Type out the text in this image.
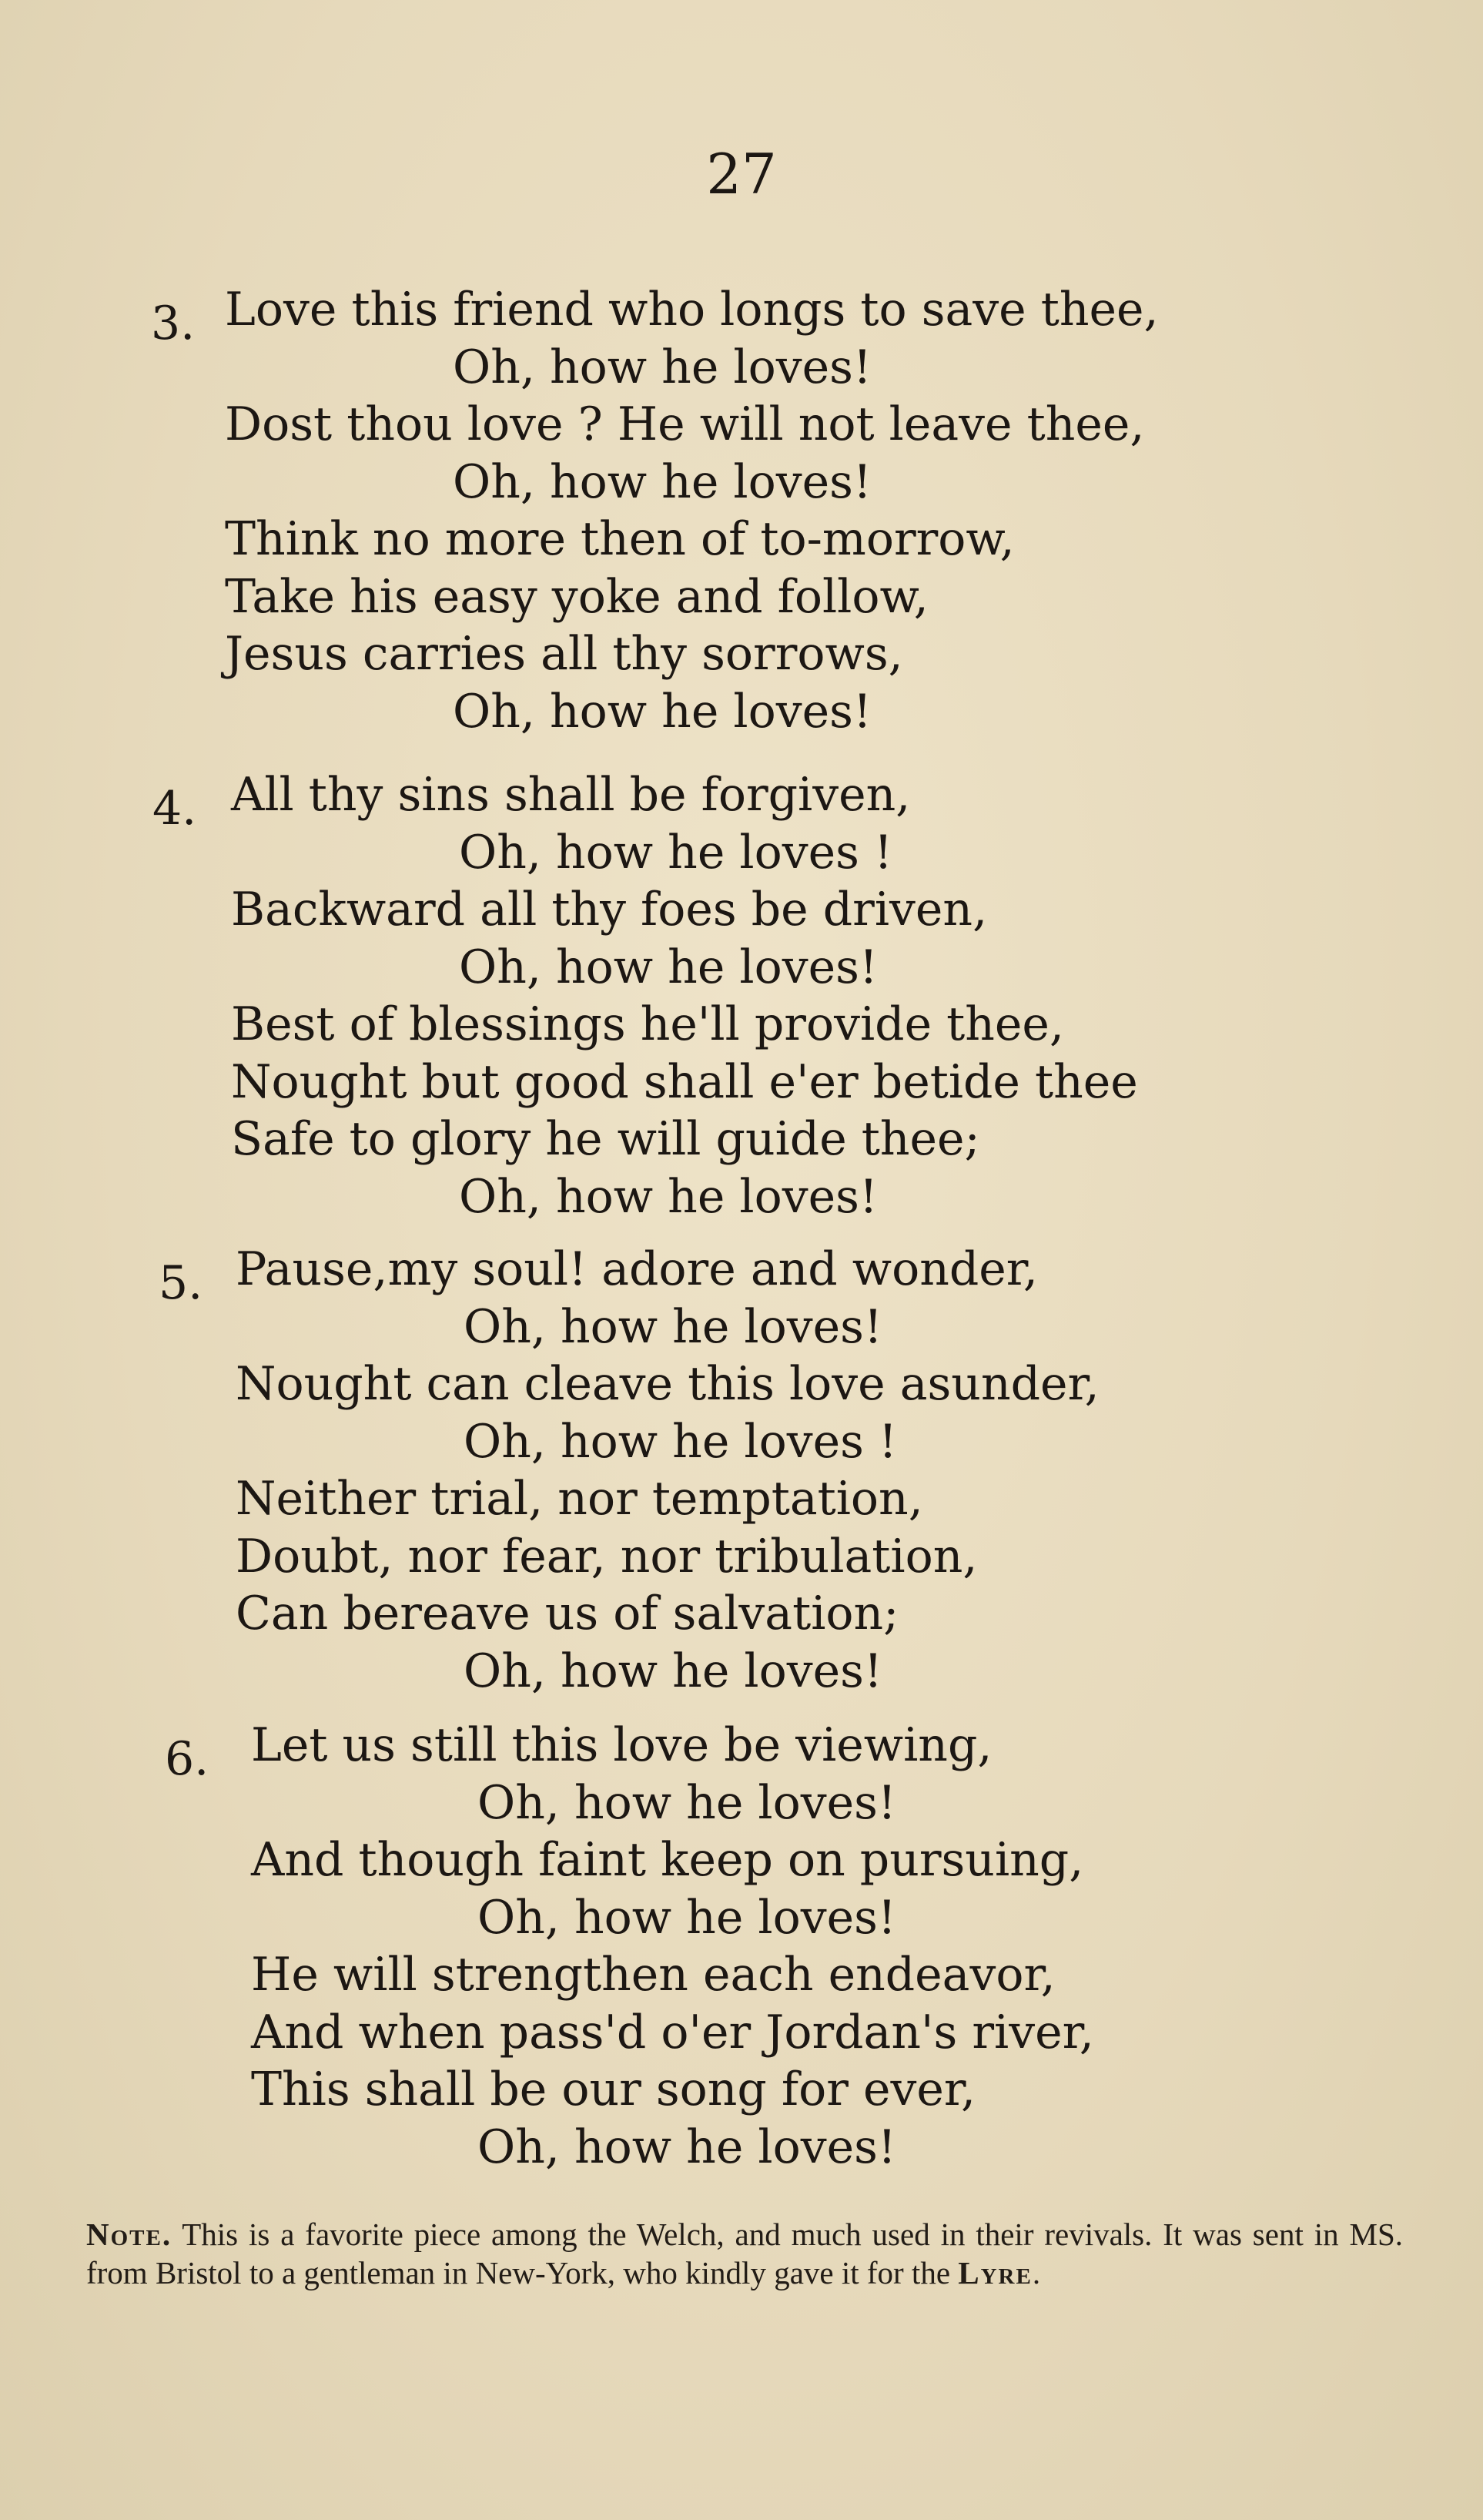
27
3. Love this friend who longs to save thee,
Oh, how he loves!
Dost thou love ? He will not leave thee,
Oh, how he loves!
Think no more then of to-morrow,
Take his easy yoke and follow,
Jesus carries all thy sorrows,
Oh, how he loves!
4. All thy sins shall be forgiven,
Oh, how he loves !
Backward all thy foes be driven,
Oh, how he loves!
Best of blessings he'll provide thee,
Nought but good shall e'er betide thee
Safe to glory he will guide thee;
Oh, how he loves!
5. Pause,my soul! adore and wonder,
Oh, how he loves!
Nought can cleave this love asunder,
Oh, how he loves !
Neither trial, nor temptation,
Doubt, nor fear, nor tribulation,
Can bereave us of salvation;
Oh, how he loves!
6. Let us still this love be viewing,
Oh, how he loves!
And though faint keep on pursuing,
Oh, how he loves!
He will strengthen each endeavor,
And when pass'd o'er Jordan's river,
This shall be our song for ever,
Oh, how he loves!
Note. This is a favorite piece among the Welch, and much used in their revivals. It was sent in MS. from Bristol to a gentleman in New-York, who kindly gave it for the Lyre.
